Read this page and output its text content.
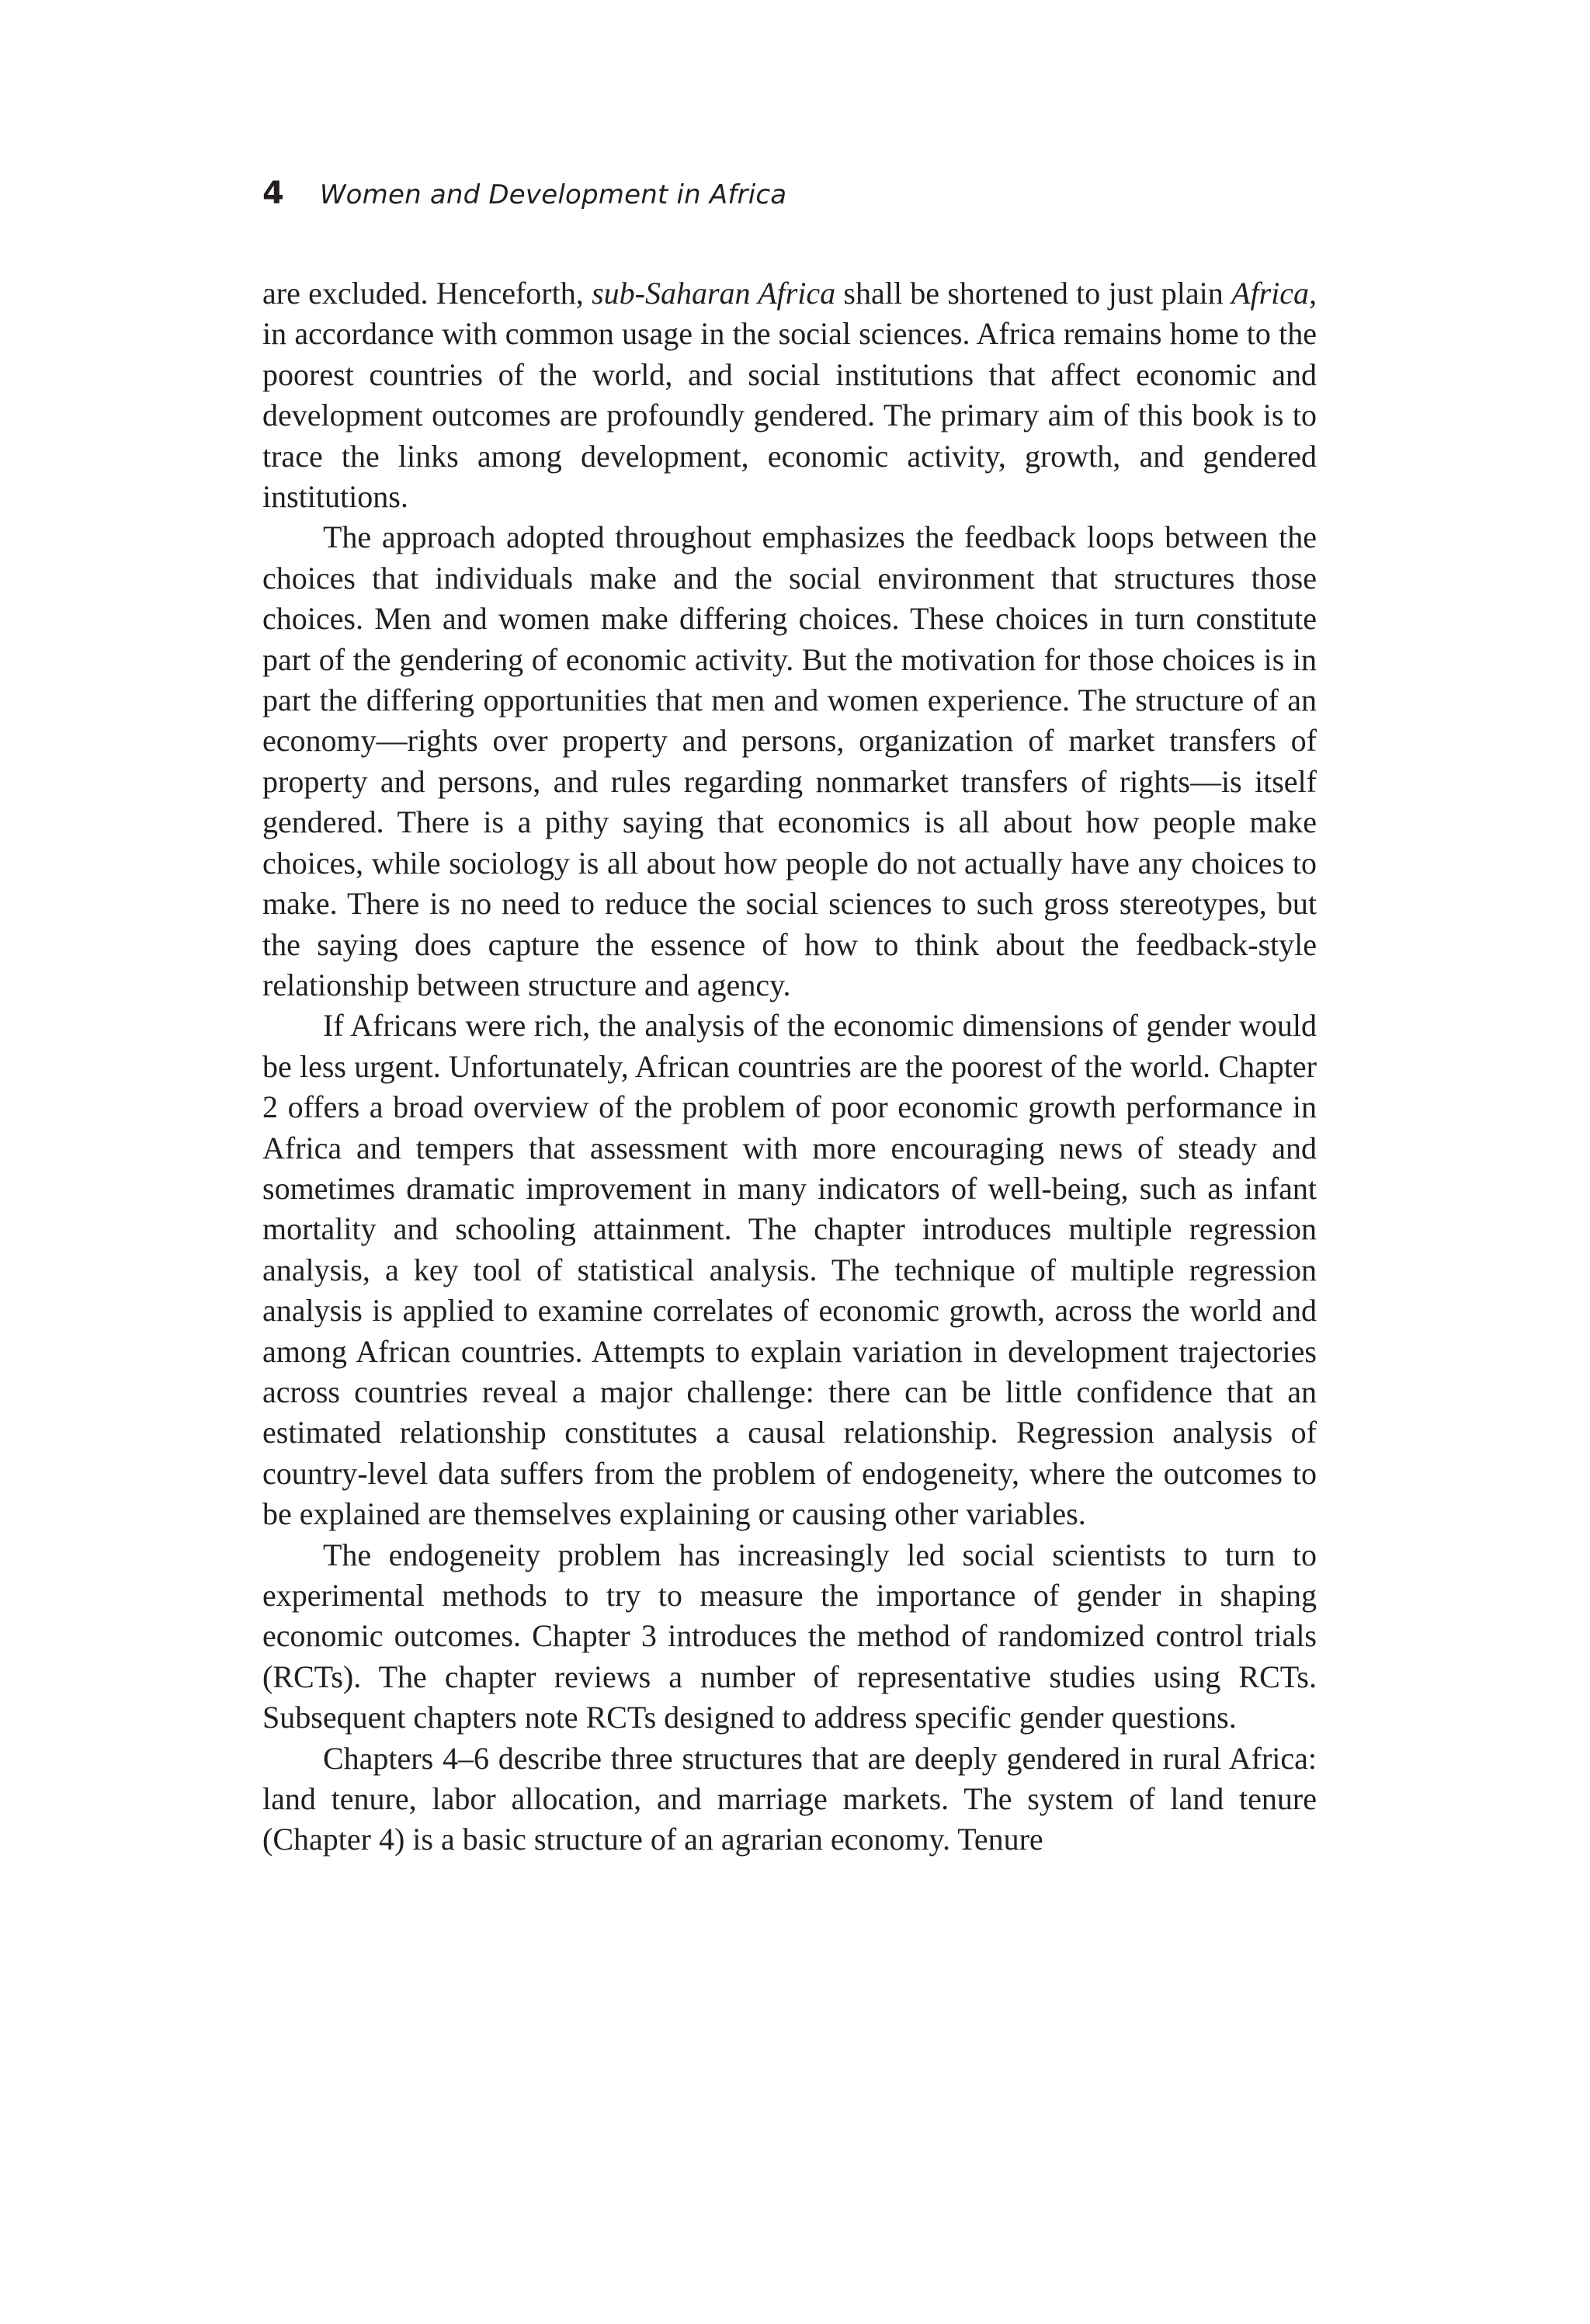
4 Women and Development in Africa

are excluded. Henceforth, sub-Saharan Africa shall be shortened to just plain Africa, in accordance with common usage in the social sciences. Africa remains home to the poorest countries of the world, and social institutions that affect economic and development outcomes are profoundly gendered. The primary aim of this book is to trace the links among development, economic activity, growth, and gendered institutions.

The approach adopted throughout emphasizes the feedback loops between the choices that individuals make and the social environment that structures those choices. Men and women make differing choices. These choices in turn constitute part of the gendering of economic activity. But the motivation for those choices is in part the differing opportunities that men and women experience. The structure of an economy—rights over property and persons, organization of market transfers of property and persons, and rules regarding nonmarket transfers of rights—is itself gendered. There is a pithy saying that economics is all about how people make choices, while sociology is all about how people do not actually have any choices to make. There is no need to reduce the social sciences to such gross stereotypes, but the saying does capture the essence of how to think about the feedback-style relationship between structure and agency.

If Africans were rich, the analysis of the economic dimensions of gender would be less urgent. Unfortunately, African countries are the poorest of the world. Chapter 2 offers a broad overview of the problem of poor economic growth performance in Africa and tempers that assessment with more encouraging news of steady and sometimes dramatic improvement in many indicators of well-being, such as infant mortality and schooling attainment. The chapter introduces multiple regression analysis, a key tool of statistical analysis. The technique of multiple regression analysis is applied to examine correlates of economic growth, across the world and among African countries. Attempts to explain variation in development trajectories across countries reveal a major challenge: there can be little confidence that an estimated relationship constitutes a causal relationship. Regression analysis of country-level data suffers from the problem of endogeneity, where the outcomes to be explained are themselves explaining or causing other variables.

The endogeneity problem has increasingly led social scientists to turn to experimental methods to try to measure the importance of gender in shaping economic outcomes. Chapter 3 introduces the method of randomized control trials (RCTs). The chapter reviews a number of representative studies using RCTs. Subsequent chapters note RCTs designed to address specific gender questions.

Chapters 4–6 describe three structures that are deeply gendered in rural Africa: land tenure, labor allocation, and marriage markets. The system of land tenure (Chapter 4) is a basic structure of an agrarian economy. Tenure
